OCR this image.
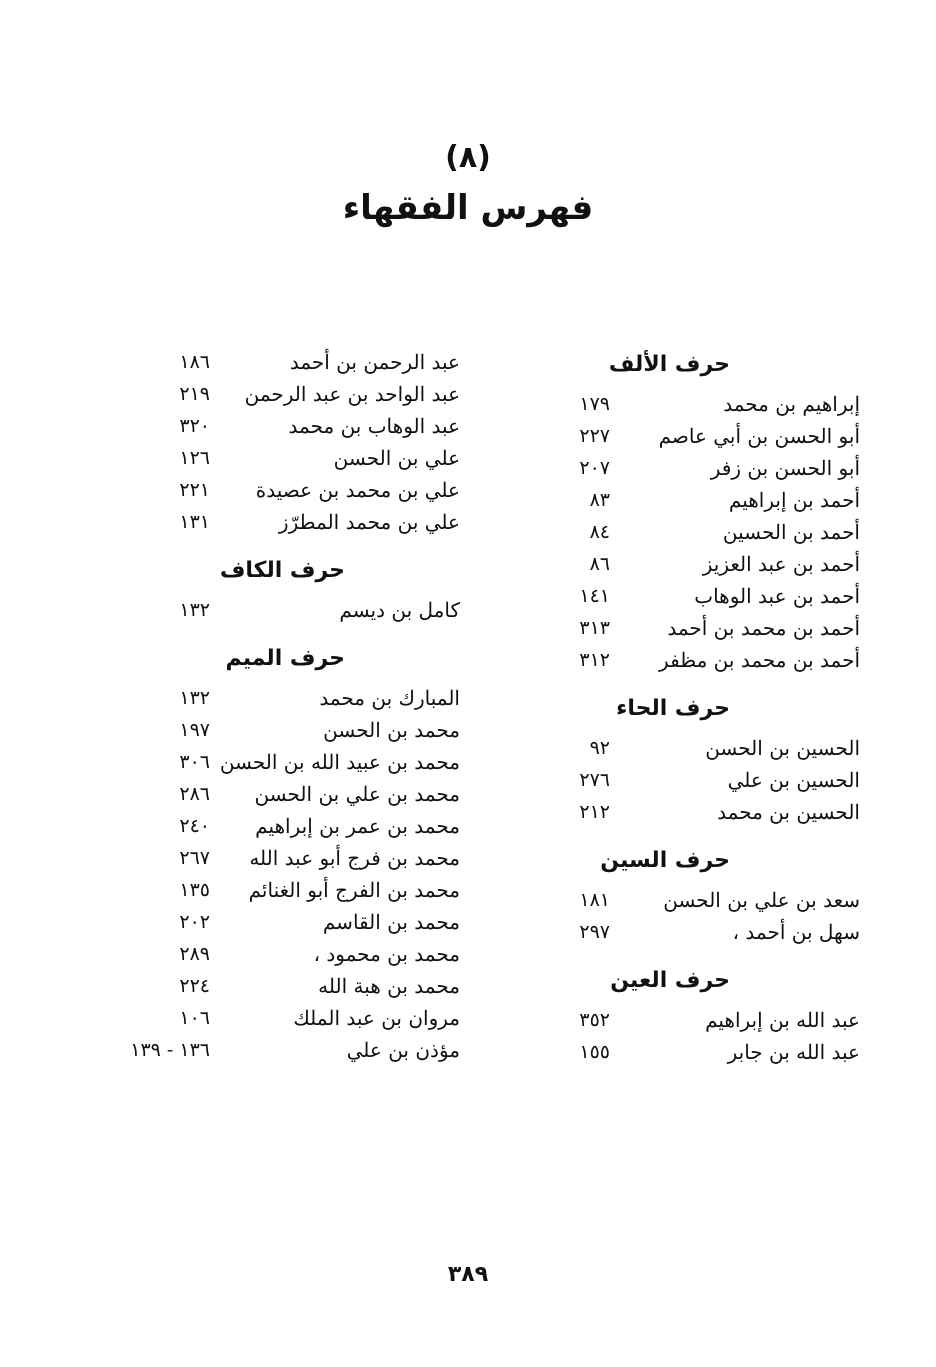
(٨)
فهرس الفقهاء
حرف الألف
إبراهيم بن محمد
١٧٩
أبو الحسن بن أبي عاصم
٢٢٧
أبو الحسن بن زفر
٢٠٧
أحمد بن إبراهيم
٨٣
أحمد بن الحسين
٨٤
أحمد بن عبد العزيز
٨٦
أحمد بن عبد الوهاب
١٤١
أحمد بن محمد بن أحمد
٣١٣
أحمد بن محمد بن مظفر
٣١٢
حرف الحاء
الحسين بن الحسن
٩٢
الحسين بن علي
٢٧٦
الحسين بن محمد
٢١٢
حرف السين
سعد بن علي بن الحسن
١٨١
سهل بن أحمد ،
٢٩٧
حرف العين
عبد الله بن إبراهيم
٣٥٢
عبد الله بن جابر
١٥٥
عبد الرحمن بن أحمد
١٨٦
عبد الواحد بن عبد الرحمن
٢١٩
عبد الوهاب بن محمد
٣٢٠
علي بن الحسن
١٢٦
علي بن محمد بن عصيدة
٢٢١
علي بن محمد المطرّز
١٣١
حرف الكاف
كامل بن ديسم
١٣٢
حرف الميم
المبارك بن محمد
١٣٢
محمد بن الحسن
١٩٧
محمد بن عبيد الله بن الحسن
٣٠٦
محمد بن علي بن الحسن
٢٨٦
محمد بن عمر بن إبراهيم
٢٤٠
محمد بن فرج أبو عبد الله
٢٦٧
محمد بن الفرج أبو الغنائم
١٣٥
محمد بن القاسم
٢٠٢
محمد بن محمود ،
٢٨٩
محمد بن هبة الله
٢٢٤
مروان بن عبد الملك
١٠٦
مؤذن بن علي
١٣٦ - ١٣٩
٣٨٩
